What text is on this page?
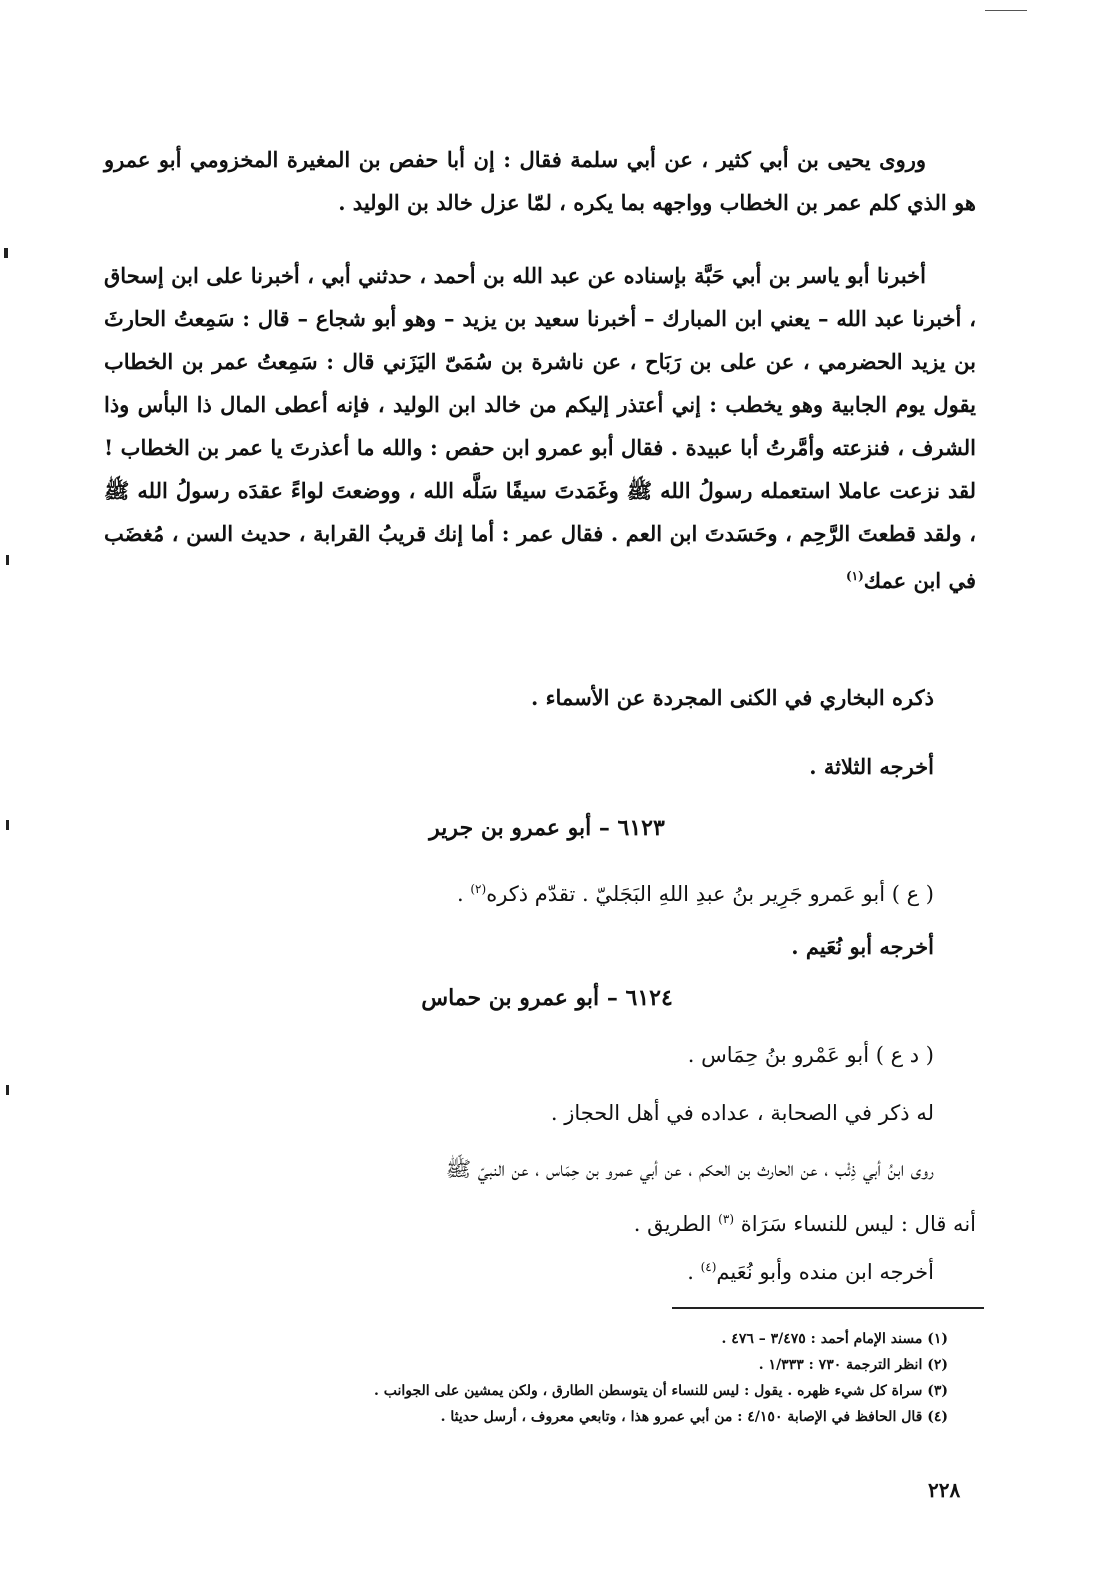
وروى يحيى بن أبي كثير ، عن أبي سلمة فقال : إن أبا حفص بن المغيرة المخزومي أبو عمرو هو الذي كلم عمر بن الخطاب وواجهه بما يكره ، لمّا عزل خالد بن الوليد .

أخبرنا أبو ياسر بن أبي حَبَّة بإسناده عن عبد الله بن أحمد ، حدثني أبي ، أخبرنا على ابن إسحاق ، أخبرنا عبد الله – يعني ابن المبارك – أخبرنا سعيد بن يزيد – وهو أبو شجاع – قال : سَمِعتُ الحارثَ بن يزيد الحضرمي ، عن على بن رَبَاح ، عن ناشرة بن سُمَىّ اليَزَني قال : سَمِعتُ عمر بن الخطاب يقول يوم الجابية وهو يخطب : إني أعتذر إليكم من خالد ابن الوليد ، فإنه أعطى المال ذا البأس وذا الشرف ، فنزعته وأمَّرتُ أبا عبيدة . فقال أبو عمرو ابن حفص : والله ما أعذرتَ يا عمر بن الخطاب ! لقد نزعت عاملا استعمله رسولُ الله ﷺ وغَمَدتَ سيفًا سَلَّه الله ، ووضعتَ لواءً عقدَه رسولُ الله ﷺ ، ولقد قطعتَ الرَّحِم ، وحَسَدتَ ابن العم . فقال عمر : أما إنك قريبُ القرابة ، حديث السن ، مُغضَب في ابن عمك$^{(١)}$

ذكره البخاري في الكنى المجردة عن الأسماء .
أخرجه الثلاثة .
٦١٢٣ – أبو عمرو بن جرير
( ع ) أبو عَمرو جَرِير بنُ عبدِ اللهِ البَجَليّ . تقدّم ذكره$^{(٢)}$ .
أخرجه أبو نُعَيم .
٦١٢٤ – أبو عمرو بن حماس
( د ع ) أبو عَمْرو بنُ حِمَاس .
له ذكر في الصحابة ، عداده في أهل الحجاز .
روى ابنُ أبي ذِئْب ، عن الحارث بن الحكم ، عن أبي عمرو بن حِمَاس ، عن النبيّ ﷺ
أنه قال : ليس للنساء سَرَاة $^{(٣)}$ الطريق .
أخرجه ابن منده وأبو نُعَيم$^{(٤)}$ .
(١) مسند الإمام أحمد : ٣/٤٧٥ – ٤٧٦ .
(٢) انظر الترجمة ٧٣٠ : ١/٣٣٣ .
(٣) سراة كل شيء ظهره . يقول : ليس للنساء أن يتوسطن الطارق ، ولكن يمشين على الجوانب .
(٤) قال الحافظ في الإصابة ٤/١٥٠ : من أبي عمرو هذا ، وتابعي معروف ، أرسل حديثا .
٢٢٨
